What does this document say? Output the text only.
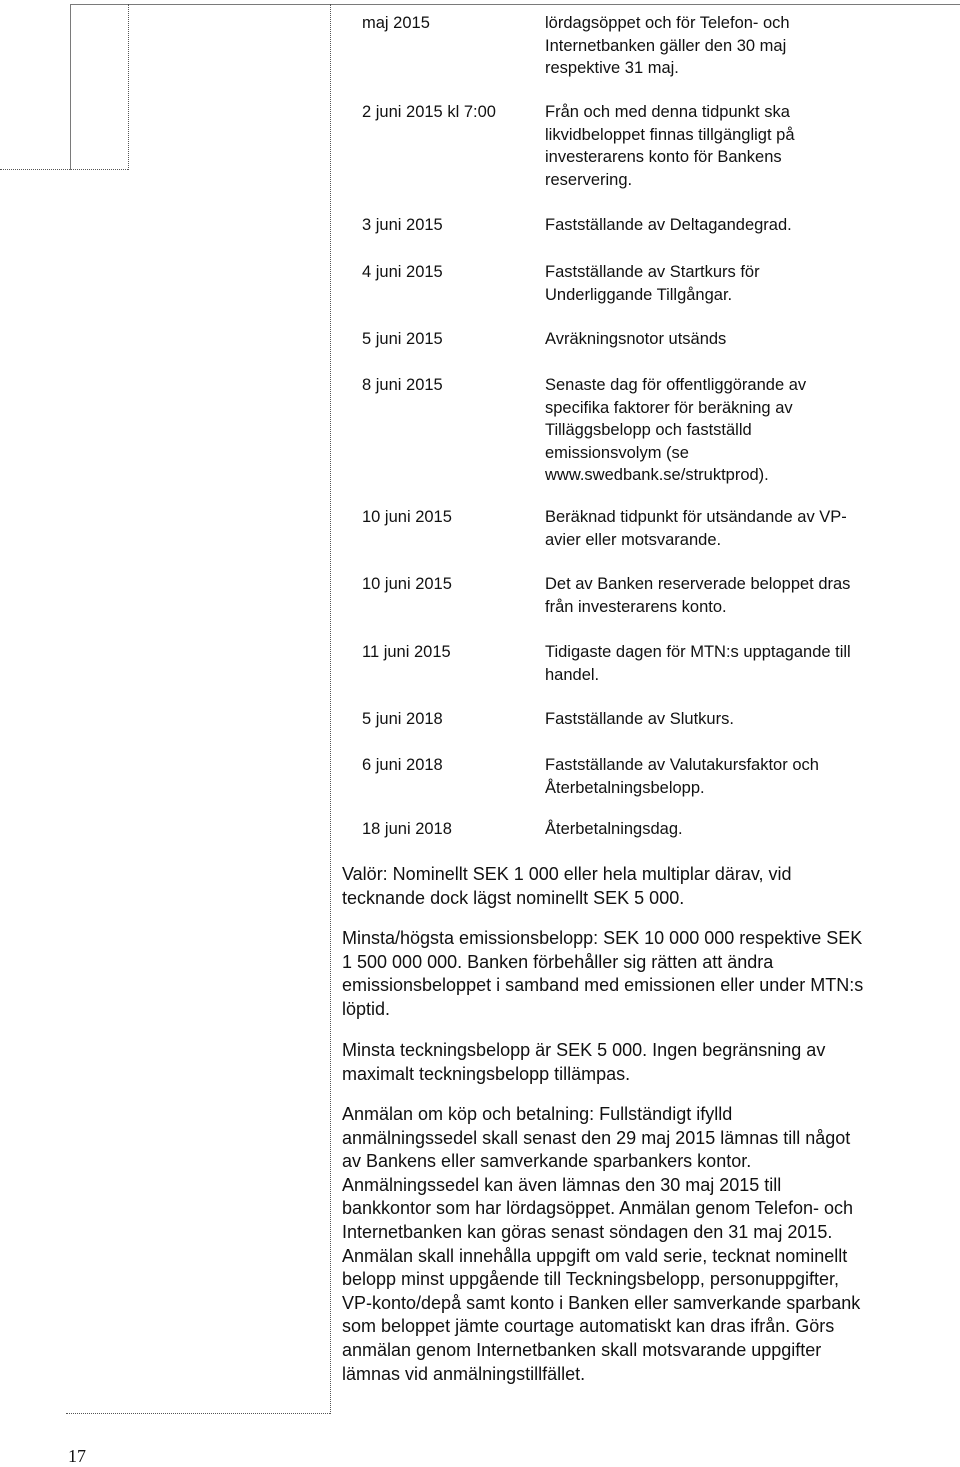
maj 2015	lördagsöppet och för Telefon- och
Internetbanken gäller den 30 maj
respektive 31 maj.
2 juni 2015 kl 7:00	Från och med denna tidpunkt ska
likvidbeloppet finnas tillgängligt på
investerarens konto för Bankens
reservering.
3 juni 2015	Fastställande av Deltagandegrad.
4 juni 2015	Fastställande av Startkurs för
Underliggande Tillgångar.
5 juni 2015	Avräkningsnotor utsänds
8 juni 2015	Senaste dag för offentliggörande av
specifika faktorer för beräkning av
Tilläggsbelopp och fastställd
emissionsvolym (se
www.swedbank.se/struktprod).
10 juni 2015	Beräknad tidpunkt för utsändande av VP-
avier eller motsvarande.
10 juni 2015	Det av Banken reserverade beloppet dras
från investerarens konto.
11 juni 2015	Tidigaste dagen för MTN:s upptagande till
handel.
5 juni 2018	Fastställande av Slutkurs.
6 juni 2018	Fastställande av Valutakursfaktor och
Återbetalningsbelopp.
18 juni 2018	Återbetalningsdag.
Valör: Nominellt SEK 1 000 eller hela multiplar därav, vid
tecknande dock lägst nominellt SEK 5 000.
Minsta/högsta emissionsbelopp: SEK 10 000 000 respektive SEK
1 500 000 000. Banken förbehåller sig rätten att ändra
emissionsbeloppet i samband med emissionen eller under MTN:s
löptid.
Minsta teckningsbelopp är SEK 5 000. Ingen begränsning av
maximalt teckningsbelopp tillämpas.
Anmälan om köp och betalning: Fullständigt ifylld
anmälningssedel skall senast den 29 maj 2015 lämnas till något
av Bankens eller samverkande sparbankers kontor.
Anmälningssedel kan även lämnas den 30 maj 2015 till
bankkontor som har lördagsöppet. Anmälan genom Telefon- och
Internetbanken kan göras senast söndagen den 31 maj 2015.
Anmälan skall innehålla uppgift om vald serie, tecknat nominellt
belopp minst uppgående till Teckningsbelopp, personuppgifter,
VP-konto/depå samt konto i Banken eller samverkande sparbank
som beloppet jämte courtage automatiskt kan dras ifrån. Görs
anmälan genom Internetbanken skall motsvarande uppgifter
lämnas vid anmälningstillfället.
17
